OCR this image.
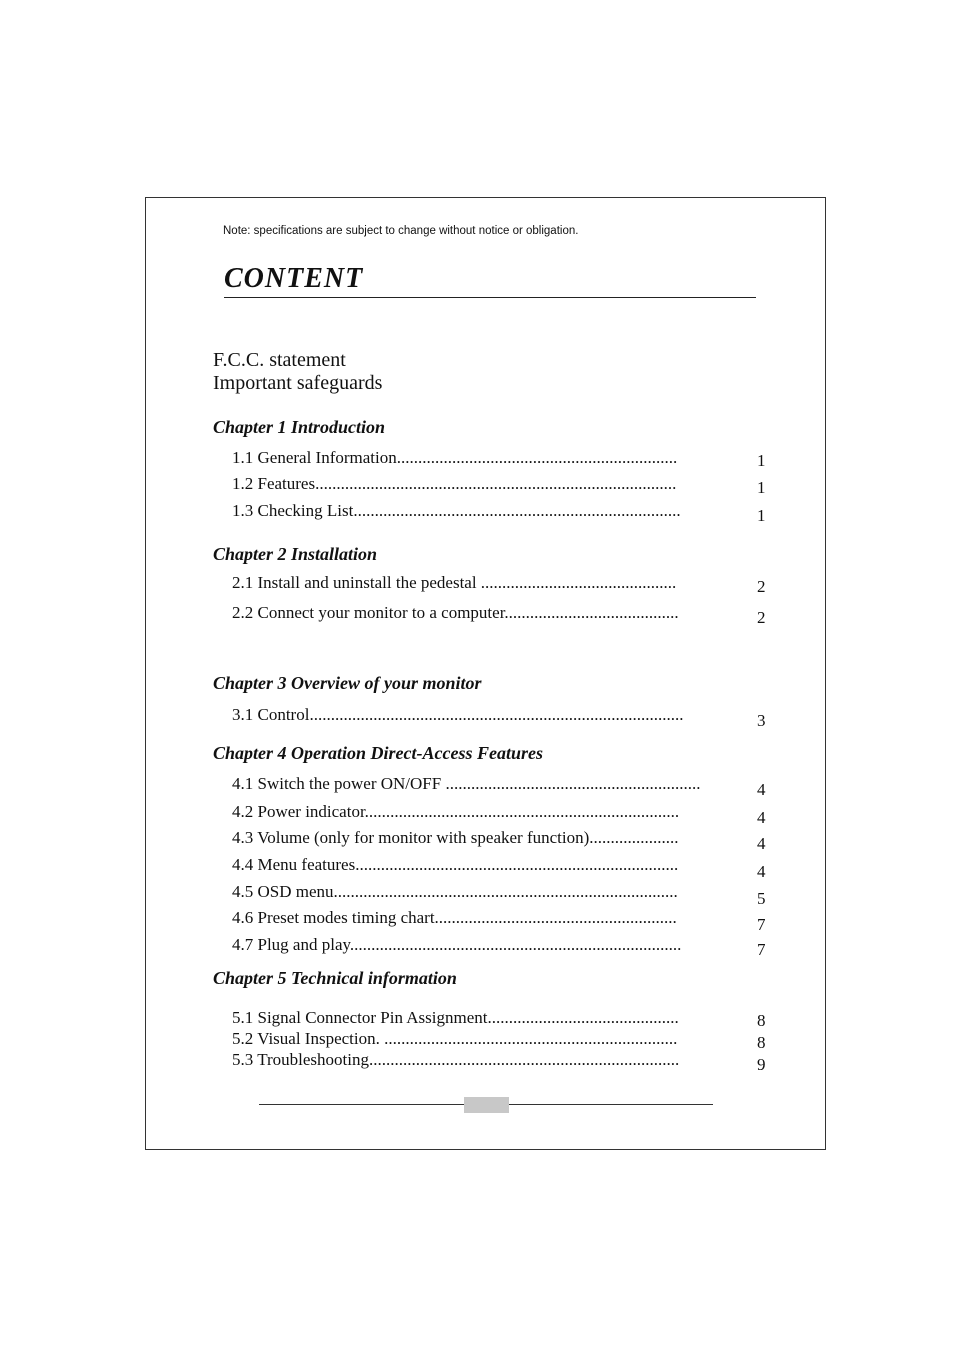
Note: specifications are subject to change without notice or obligation.
CONTENT
F.C.C. statement
Important safeguards
Chapter 1 Introduction
1.1 General Information..................................................................	1
1.2 Features.....................................................................................	1
1.3 Checking List.............................................................................	1
Chapter 2 Installation
2.1 Install and uninstall the pedestal ..............................................	2
2.2 Connect your monitor to a computer.........................................	2
Chapter 3 Overview of your monitor
3.1 Control........................................................................................	3
Chapter 4 Operation Direct-Access Features
4.1 Switch the power ON/OFF ............................................................	4
4.2 Power indicator..........................................................................	4
4.3 Volume (only for monitor with speaker function).....................	4
4.4 Menu features............................................................................	4
4.5 OSD menu.................................................................................	5
4.6 Preset modes timing chart.........................................................	7
4.7 Plug and play..............................................................................	7
Chapter 5 Technical information
5.1 Signal Connector Pin Assignment.............................................	8
5.2 Visual Inspection. .....................................................................	8
5.3 Troubleshooting.........................................................................	9
